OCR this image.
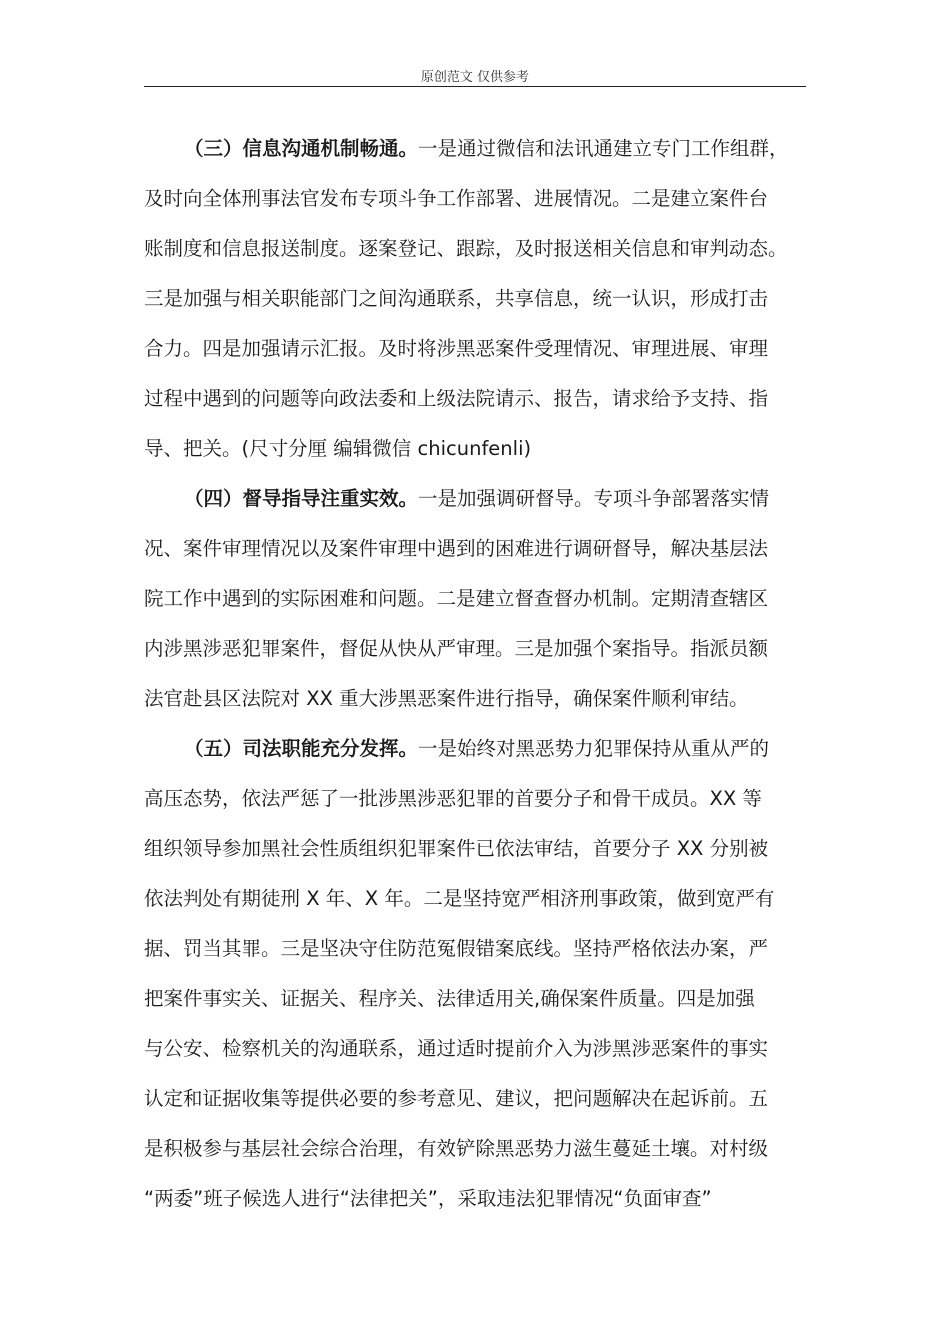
原创范文 仅供参考
（三）信息沟通机制畅通。一是通过微信和法讯通建立专门工作组群，
及时向全体刑事法官发布专项斗争工作部署、进展情况。二是建立案件台
账制度和信息报送制度。逐案登记、跟踪，及时报送相关信息和审判动态。
三是加强与相关职能部门之间沟通联系，共享信息，统一认识，形成打击
合力。四是加强请示汇报。及时将涉黑恶案件受理情况、审理进展、审理
过程中遇到的问题等向政法委和上级法院请示、报告，请求给予支持、指
导、把关。(尺寸分厘 编辑微信 chicunfenli)
（四）督导指导注重实效。一是加强调研督导。专项斗争部署落实情
况、案件审理情况以及案件审理中遇到的困难进行调研督导，解决基层法
院工作中遇到的实际困难和问题。二是建立督查督办机制。定期清查辖区
内涉黑涉恶犯罪案件，督促从快从严审理。三是加强个案指导。指派员额
法官赴县区法院对 XX 重大涉黑恶案件进行指导，确保案件顺利审结。
（五）司法职能充分发挥。一是始终对黑恶势力犯罪保持从重从严的
高压态势，依法严惩了一批涉黑涉恶犯罪的首要分子和骨干成员。XX 等
组织领导参加黑社会性质组织犯罪案件已依法审结，首要分子 XX 分别被
依法判处有期徒刑 X 年、X 年。二是坚持宽严相济刑事政策，做到宽严有
据、罚当其罪。三是坚决守住防范冤假错案底线。坚持严格依法办案，严
把案件事实关、证据关、程序关、法律适用关,确保案件质量。四是加强
与公安、检察机关的沟通联系，通过适时提前介入为涉黑涉恶案件的事实
认定和证据收集等提供必要的参考意见、建议，把问题解决在起诉前。五
是积极参与基层社会综合治理，有效铲除黑恶势力滋生蔓延土壤。对村级
“两委”班子候选人进行“法律把关”，采取违法犯罪情况“负面审查”
